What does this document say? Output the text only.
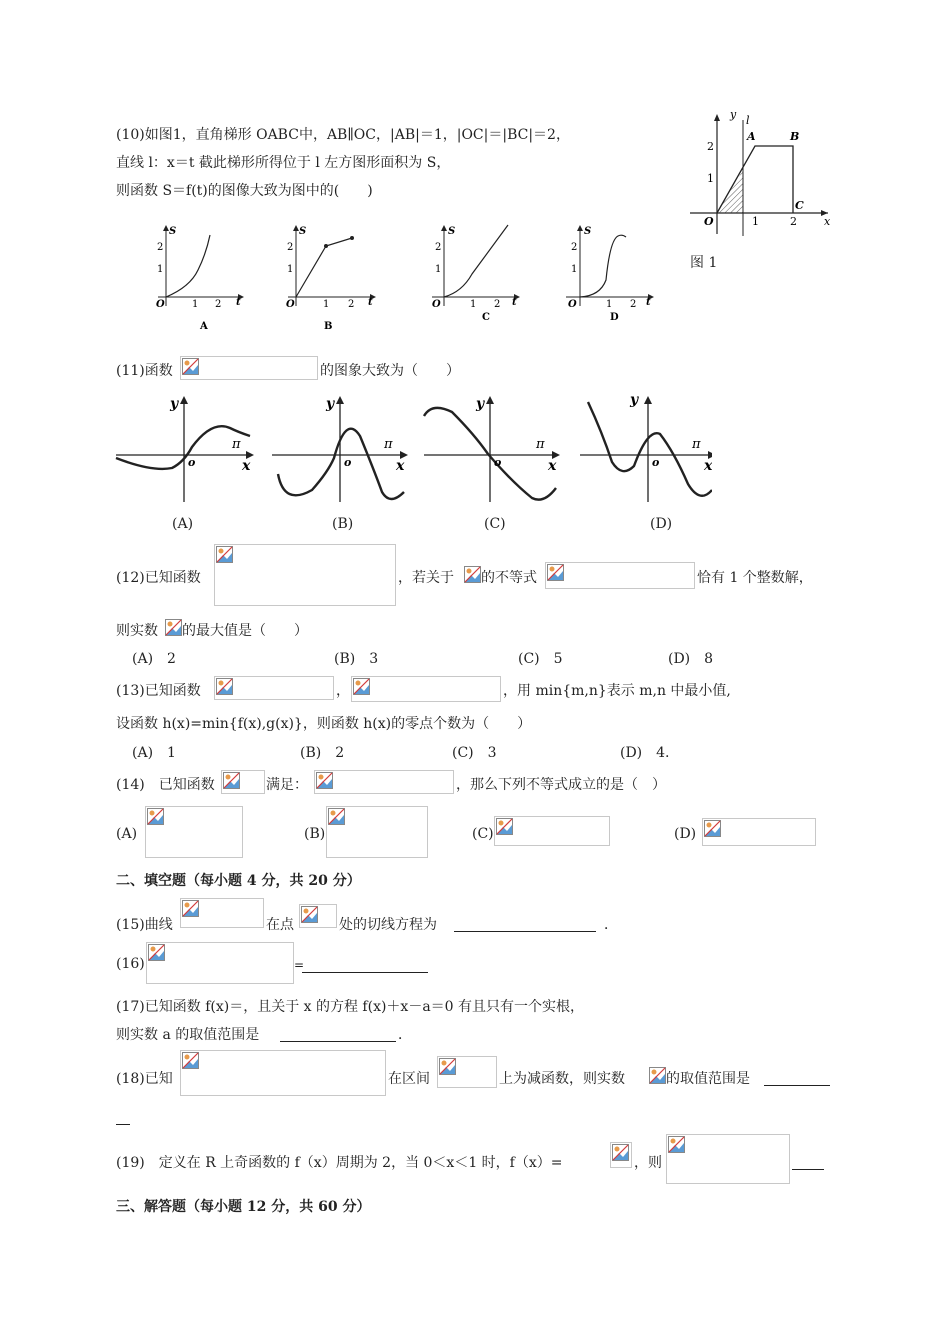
(10)如图1，直角梯形 OABC中，AB∥OC，|AB|＝1，|OC|＝|BC|＝2，
直线 l：x＝t 截此梯形所得位于 l 左方图形面积为 S，
则函数 S＝f(t)的图像大致为图中的(　　)
y l
A	B
C
O	x
1	2
1
2
图 1
S
t
O	1 2
1
2
A
S
t
O	1 2
1
2
B
S
t
O	1 2
1
2
C
S
t
O	1 2
1
2
D
(11)函数	的图象大致为（　　）
y
o	x
π
y
o	x
π
y
o	x
π
y
o	x
π
(A)	(B)	(C)	(D)
(12)已知函数	，若关于 的不等式	恰有 1 个整数解，
则实数 的最大值是（　　）
(A)　2	(B)　3	(C)　5	(D)　8
(13)已知函数	，	，用 min{m,n}表示 m,n 中最小值,
设函数 h(x)=min{f(x),g(x)}，则函数 h(x)的零点个数为（　　）
(A)　1	(B)　2	(C)　3	(D)　4.
(14)　已知函数	满足：	，那么下列不等式成立的是（　）
(A)	(B)	(C)	(D)
二、填空题（每小题 4 分，共 20 分）
(15)曲线	在点	处的切线方程为	．
(16)	=
(17)已知函数 f(x)＝，且关于 x 的方程 f(x)＋x－a＝0 有且只有一个实根，
则实数 a 的取值范围是	．
(18)已知	在区间	上为减函数，则实数	的取值范围是
(19)　定义在 R 上奇函数的 f（x）周期为 2，当 0＜x＜1 时，f（x）=	，则
三、解答题（每小题 12 分，共 60 分）
